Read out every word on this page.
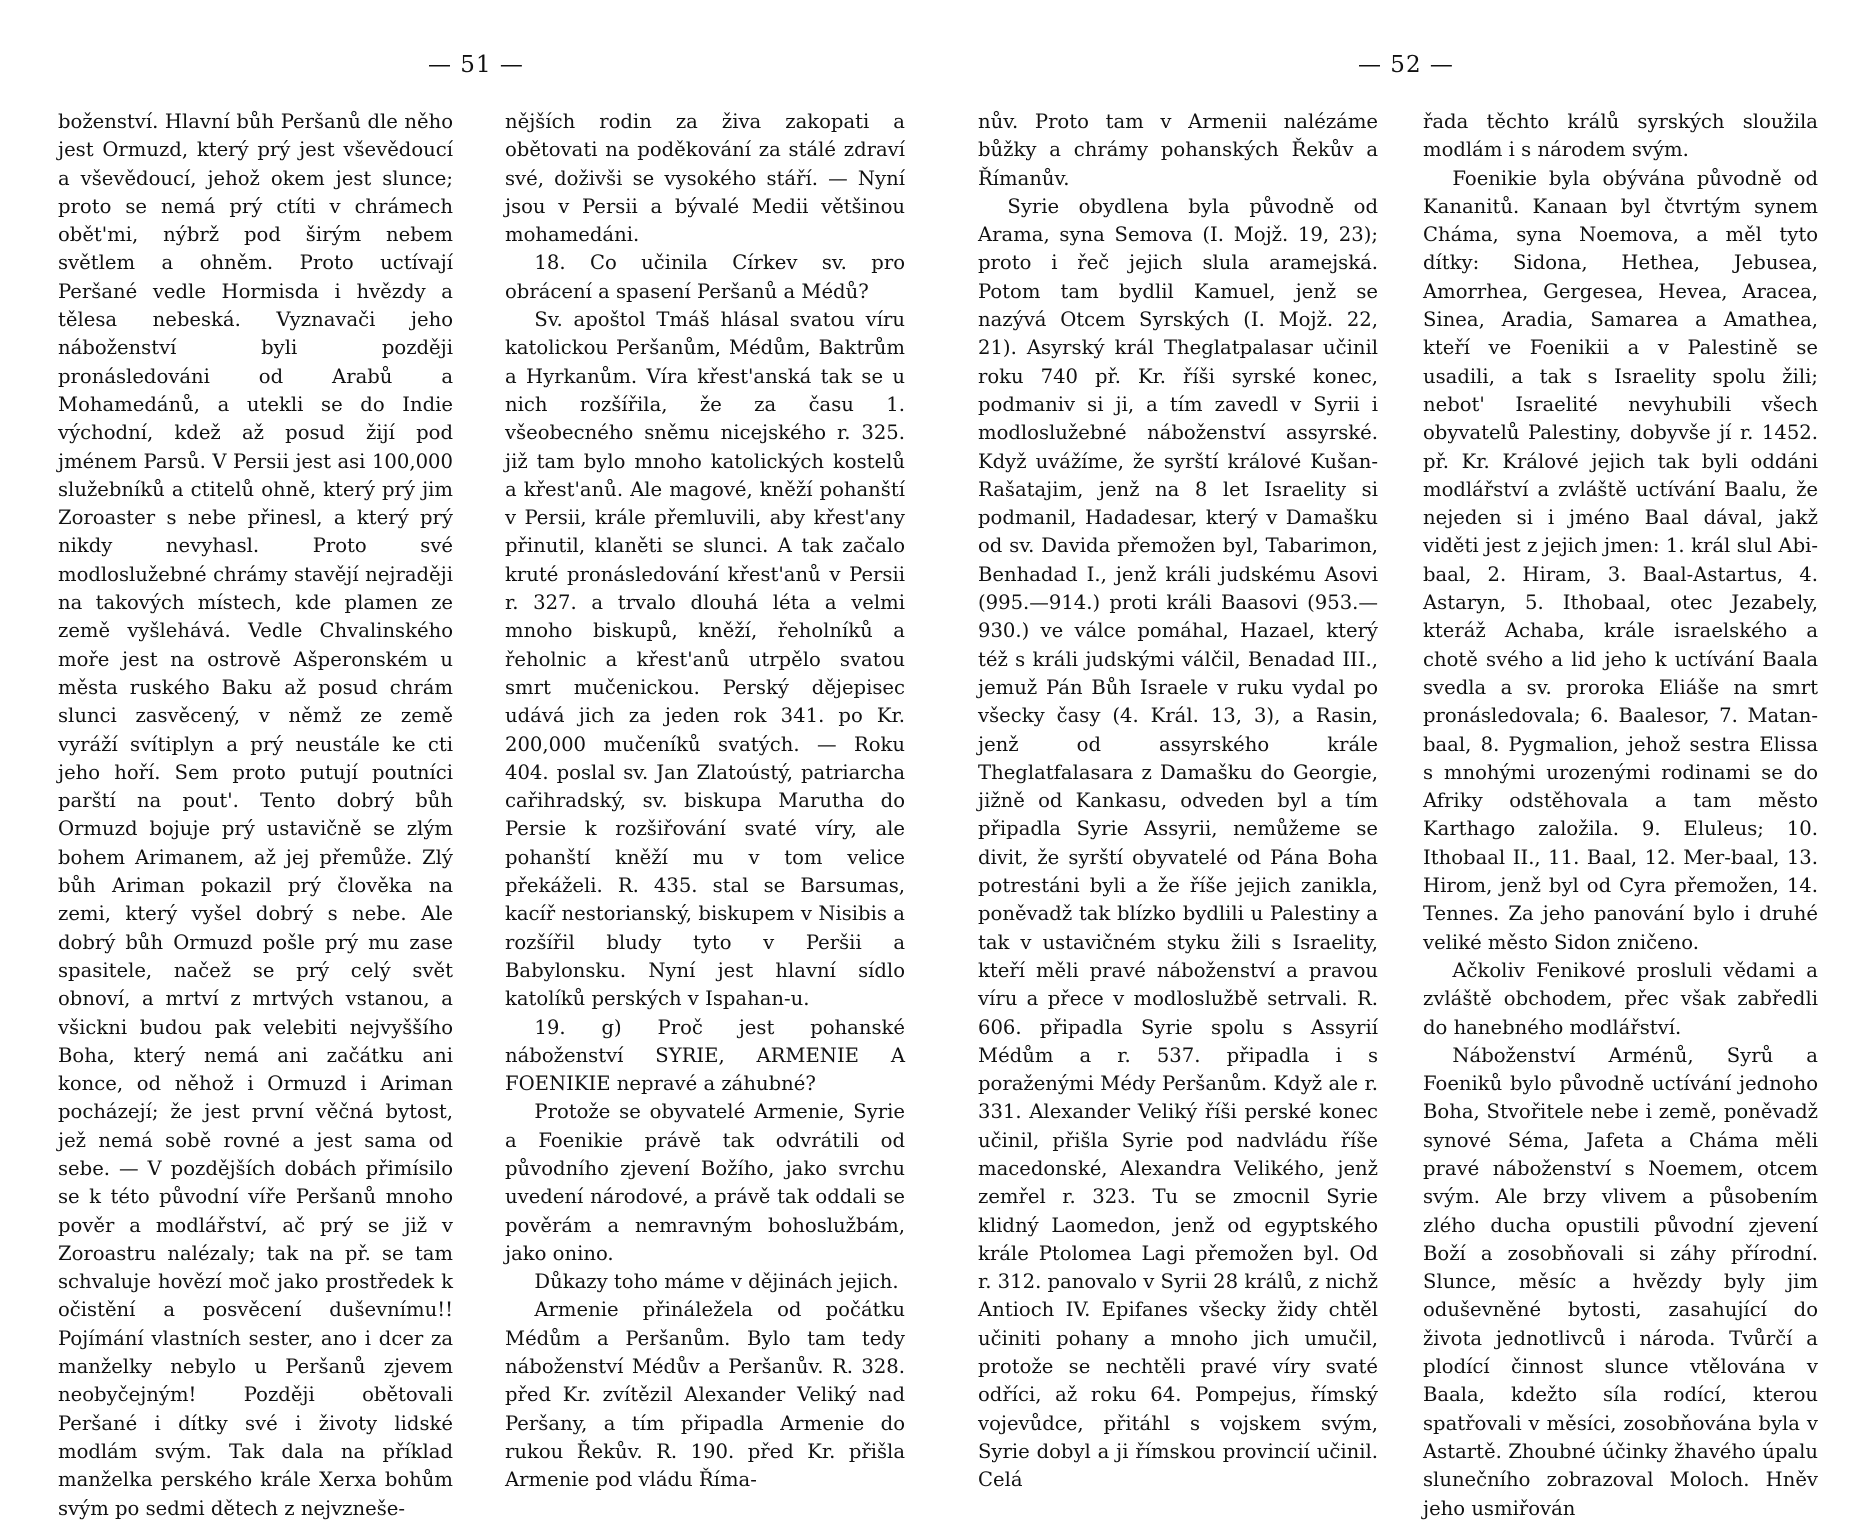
— 51 —

boženství. Hlavní bůh Peršanů dle něho jest Ormuzd, který prý jest vševědoucí a vševědoucí, jehož okem jest slunce; proto se nemá prý ctíti v chrámech obět'mi, nýbrž pod širým nebem světlem a ohněm. Proto uctívají Peršané vedle Hormisda i hvězdy a tělesa nebeská. Vyznavači jeho náboženství byli později pronásledováni od Arabů a Mohamedánů, a utekli se do Indie východní, kdež až posud žijí pod jménem Parsů. V Persii jest asi 100,000 služebníků a ctitelů ohně, který prý jim Zoroaster s nebe přinesl, a který prý nikdy nevyhasl. Proto své modloslužebné chrámy stavějí nejraději na takových místech, kde plamen ze země vyšlehává. Vedle Chvalinského moře jest na ostrově Ašperonském u města ruského Baku až posud chrám slunci zasvěcený, v němž ze země vyráží svítiplyn a prý neustále ke cti jeho hoří. Sem proto putují poutníci parští na pout'. Tento dobrý bůh Ormuzd bojuje prý ustavičně se zlým bohem Arimanem, až jej přemůže. Zlý bůh Ariman pokazil prý člověka na zemi, který vyšel dobrý s nebe. Ale dobrý bůh Ormuzd pošle prý mu zase spasitele, načež se prý celý svět obnoví, a mrtví z mrtvých vstanou, a všickni budou pak velebiti nejvyššího Boha, který nemá ani začátku ani konce, od něhož i Ormuzd i Ariman pocházejí; že jest první věčná bytost, jež nemá sobě rovné a jest sama od sebe. — V pozdějších dobách přimísilo se k této původní víře Peršanů mnoho pověr a modlářství, ač prý se již v Zoroastru nalézaly; tak na př. se tam schvaluje hovězí moč jako prostředek k očistění a posvěcení duševnímu!! Pojímání vlastních sester, ano i dcer za manželky nebylo u Peršanů zjevem neobyčejným! Později obětovali Peršané i dítky své i životy lidské modlám svým. Tak dala na příklad manželka perského krále Xerxa bohům svým po sedmi dětech z nejvzneše-

nějších rodin za živa zakopati a obětovati na poděkování za stálé zdraví své, doživši se vysokého stáří. — Nyní jsou v Persii a bývalé Medii většinou mohamedáni.

18. Co učinila Církev sv. pro obrácení a spasení Peršanů a Médů?

Sv. apoštol Tmáš hlásal svatou víru katolickou Peršanům, Médům, Baktrům a Hyrkanům. Víra křest'anská tak se u nich rozšířila, že za času 1. všeobecného sněmu nicejského r. 325. již tam bylo mnoho katolických kostelů a křest'anů. Ale magové, kněží pohanští v Persii, krále přemluvili, aby křest'any přinutil, klaněti se slunci. A tak začalo kruté pronásledování křest'anů v Persii r. 327. a trvalo dlouhá léta a velmi mnoho biskupů, kněží, řeholníků a řeholnic a křest'anů utrpělo svatou smrt mučenickou. Perský dějepisec udává jich za jeden rok 341. po Kr. 200,000 mučeníků svatých. — Roku 404. poslal sv. Jan Zlatoústý, patriarcha cařihradský, sv. biskupa Marutha do Persie k rozšiřování svaté víry, ale pohanští kněží mu v tom velice překáželi. R. 435. stal se Barsumas, kacíř nestorianský, biskupem v Nisibis a rozšířil bludy tyto v Peršii a Babylonsku. Nyní jest hlavní sídlo katolíků perských v Ispahan-u.

19. g) Proč jest pohanské náboženství SYRIE, ARMENIE A FOENIKIE nepravé a záhubné?

Protože se obyvatelé Armenie, Syrie a Foenikie právě tak odvrátili od původního zjevení Božího, jako svrchu uvedení národové, a právě tak oddali se pověrám a nemravným bohoslužbám, jako onino.

Důkazy toho máme v dějinách jejich.

Armenie přináležela od počátku Médům a Peršanům. Bylo tam tedy náboženství Médův a Peršanův. R. 328. před Kr. zvítězil Alexander Veliký nad Peršany, a tím připadla Armenie do rukou Řekův. R. 190. před Kr. přišla Armenie pod vládu Říma-

— 52 —

nův. Proto tam v Armenii nalézáme bůžky a chrámy pohanských Řekův a Římanův.

Syrie obydlena byla původně od Arama, syna Semova (I. Mojž. 19, 23); proto i řeč jejich slula aramejská. Potom tam bydlil Kamuel, jenž se nazývá Otcem Syrských (I. Mojž. 22, 21). Asyrský král Theglatpalasar učinil roku 740 př. Kr. říši syrské konec, podmaniv si ji, a tím zavedl v Syrii i modloslužebné náboženství assyrské. Když uvážíme, že syrští králové Kušan-Rašatajim, jenž na 8 let Israelity si podmanil, Hadadesar, který v Damašku od sv. Davida přemožen byl, Tabarimon, Benhadad I., jenž králi judskému Asovi (995.—914.) proti králi Baasovi (953.—930.) ve válce pomáhal, Hazael, který též s králi judskými válčil, Benadad III., jemuž Pán Bůh Israele v ruku vydal po všecky časy (4. Král. 13, 3), a Rasin, jenž od assyrského krále Theglatfalasara z Damašku do Georgie, jižně od Kankasu, odveden byl a tím připadla Syrie Assyrii, nemůžeme se divit, že syrští obyvatelé od Pána Boha potrestáni byli a že říše jejich zanikla, poněvadž tak blízko bydlili u Palestiny a tak v ustavičném styku žili s Israelity, kteří měli pravé náboženství a pravou víru a přece v modloslužbě setrvali. R. 606. připadla Syrie spolu s Assyrií Médům a r. 537. připadla i s poraženými Médy Peršanům. Když ale r. 331. Alexander Veliký říši perské konec učinil, přišla Syrie pod nadvládu říše macedonské, Alexandra Velikého, jenž zemřel r. 323. Tu se zmocnil Syrie klidný Laomedon, jenž od egyptského krále Ptolomea Lagi přemožen byl. Od r. 312. panovalo v Syrii 28 králů, z nichž Antioch IV. Epifanes všecky židy chtěl učiniti pohany a mnoho jich umučil, protože se nechtěli pravé víry svaté odříci, až roku 64. Pompejus, římský vojevůdce, přitáhl s vojskem svým, Syrie dobyl a ji římskou provincií učinil. Celá

řada těchto králů syrských sloužila modlám i s národem svým.

Foenikie byla obývána původně od Kananitů. Kanaan byl čtvrtým synem Cháma, syna Noemova, a měl tyto dítky: Sidona, Hethea, Jebusea, Amorrhea, Gergesea, Hevea, Aracea, Sinea, Aradia, Samarea a Amathea, kteří ve Foenikii a v Palestině se usadili, a tak s Israelity spolu žili; nebot' Israelité nevyhubili všech obyvatelů Palestiny, dobyvše jí r. 1452. př. Kr. Králové jejich tak byli oddáni modlářství a zvláště uctívání Baalu, že nejeden si i jméno Baal dával, jakž viděti jest z jejich jmen: 1. král slul Abi-baal, 2. Hiram, 3. Baal-Astartus, 4. Astaryn, 5. Ithobaal, otec Jezabely, kteráž Achaba, krále israelského a chotě svého a lid jeho k uctívání Baala svedla a sv. proroka Eliáše na smrt pronásledovala; 6. Baalesor, 7. Matan-baal, 8. Pygmalion, jehož sestra Elissa s mnohými urozenými rodinami se do Afriky odstěhovala a tam město Karthago založila. 9. Eluleus; 10. Ithobaal II., 11. Baal, 12. Mer-baal, 13. Hirom, jenž byl od Cyra přemožen, 14. Tennes. Za jeho panování bylo i druhé veliké město Sidon zničeno.

Ačkoliv Fenikové prosluli vědami a zvláště obchodem, přec však zabředli do hanebného modlářství.

Náboženství Arménů, Syrů a Foeniků bylo původně uctívání jednoho Boha, Stvořitele nebe i země, poněvadž synové Séma, Jafeta a Cháma měli pravé náboženství s Noemem, otcem svým. Ale brzy vlivem a působením zlého ducha opustili původní zjevení Boží a zosobňovali si záhy přírodní. Slunce, měsíc a hvězdy byly jim oduševněné bytosti, zasahující do života jednotlivců i národa. Tvůrčí a plodící činnost slunce vtělována v Baala, kdežto síla rodící, kterou spatřovali v měsíci, zosobňována byla v Astartě. Zhoubné účinky žhavého úpalu slunečního zobrazoval Moloch. Hněv jeho usmiřován
